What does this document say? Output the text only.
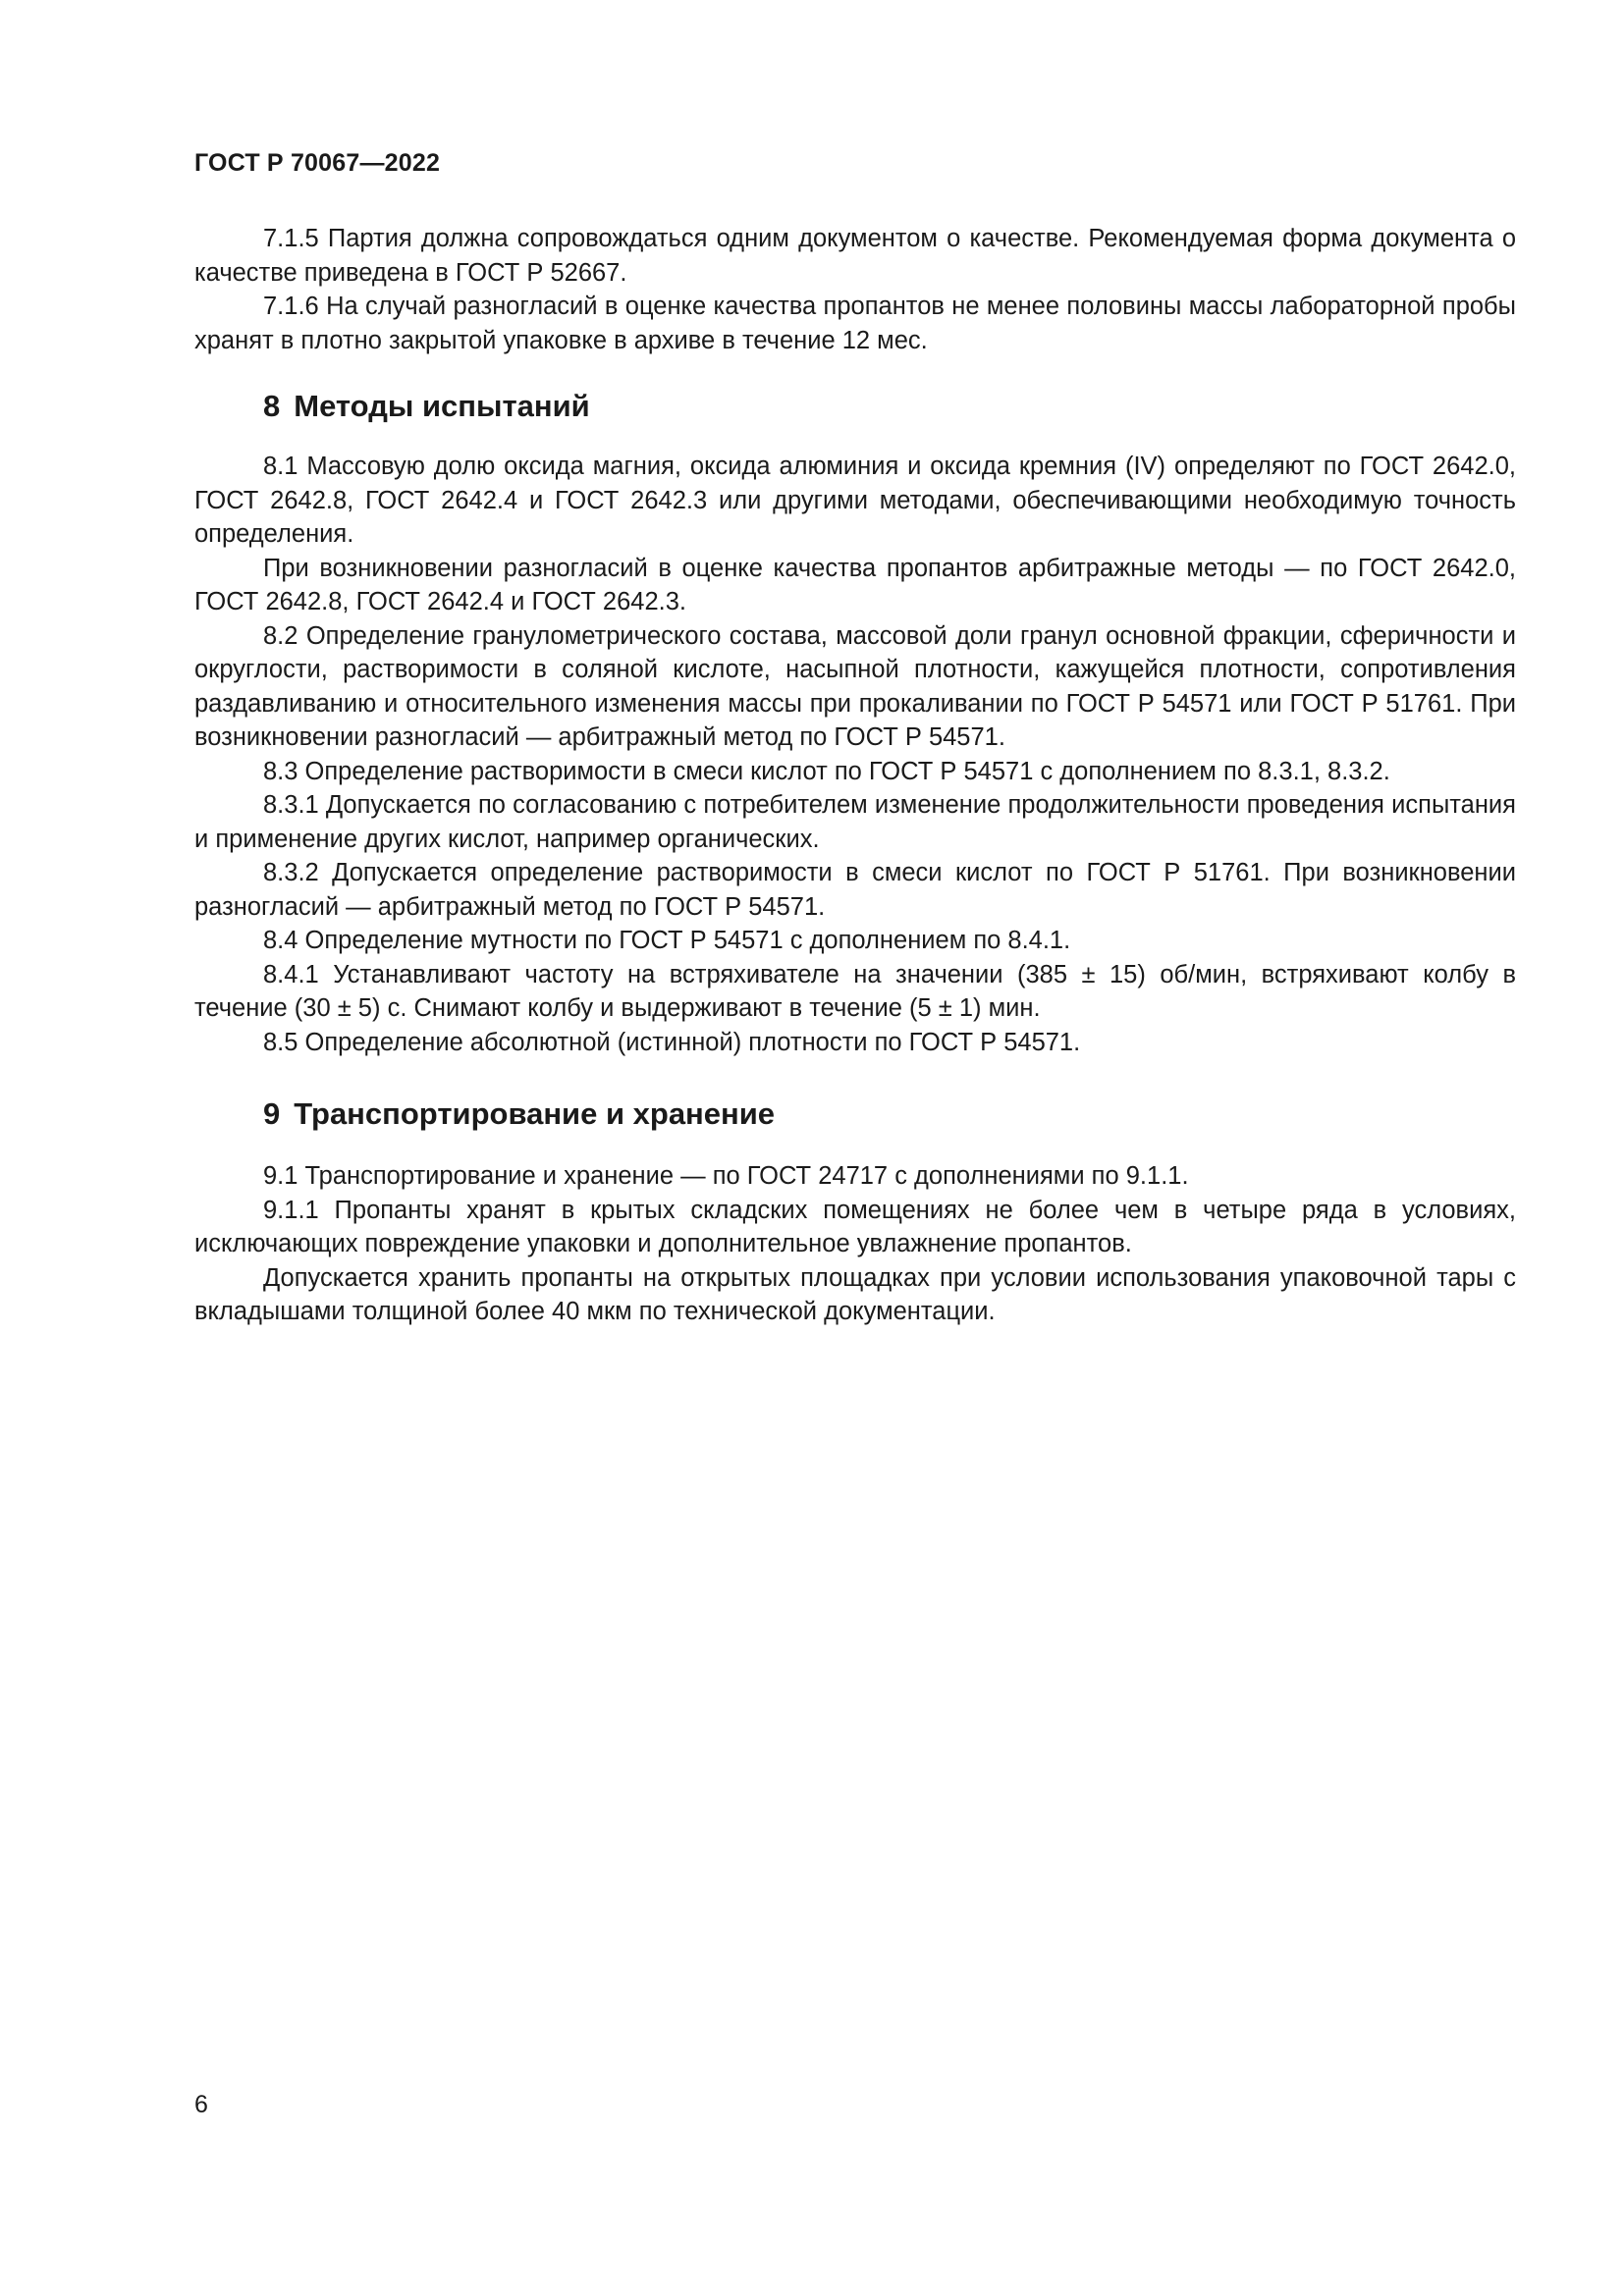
ГОСТ Р 70067—2022

7.1.5 Партия должна сопровождаться одним документом о качестве. Рекомендуемая форма документа о качестве приведена в ГОСТ Р 52667.

7.1.6 На случай разногласий в оценке качества пропантов не менее половины массы лабораторной пробы хранят в плотно закрытой упаковке в архиве в течение 12 мес.

8 Методы испытаний

8.1 Массовую долю оксида магния, оксида алюминия и оксида кремния (IV) определяют по ГОСТ 2642.0, ГОСТ 2642.8, ГОСТ 2642.4 и ГОСТ 2642.3 или другими методами, обеспечивающими необходимую точность определения.

При возникновении разногласий в оценке качества пропантов арбитражные методы — по ГОСТ 2642.0, ГОСТ 2642.8, ГОСТ 2642.4 и ГОСТ 2642.3.

8.2 Определение гранулометрического состава, массовой доли гранул основной фракции, сферичности и округлости, растворимости в соляной кислоте, насыпной плотности, кажущейся плотности, сопротивления раздавливанию и относительного изменения массы при прокаливании по ГОСТ Р 54571 или ГОСТ Р 51761. При возникновении разногласий — арбитражный метод по ГОСТ Р 54571.

8.3 Определение растворимости в смеси кислот по ГОСТ Р 54571 с дополнением по 8.3.1, 8.3.2.

8.3.1 Допускается по согласованию с потребителем изменение продолжительности проведения испытания и применение других кислот, например органических.

8.3.2 Допускается определение растворимости в смеси кислот по ГОСТ Р 51761. При возникновении разногласий — арбитражный метод по ГОСТ Р 54571.

8.4 Определение мутности по ГОСТ Р 54571 с дополнением по 8.4.1.

8.4.1 Устанавливают частоту на встряхивателе на значении (385 ± 15) об/мин, встряхивают колбу в течение (30 ± 5) с. Снимают колбу и выдерживают в течение (5 ± 1) мин.

8.5 Определение абсолютной (истинной) плотности по ГОСТ Р 54571.

9 Транспортирование и хранение

9.1 Транспортирование и хранение — по ГОСТ 24717 с дополнениями по 9.1.1.

9.1.1 Пропанты хранят в крытых складских помещениях не более чем в четыре ряда в условиях, исключающих повреждение упаковки и дополнительное увлажнение пропантов.

Допускается хранить пропанты на открытых площадках при условии использования упаковочной тары с вкладышами толщиной более 40 мкм по технической документации.

6
